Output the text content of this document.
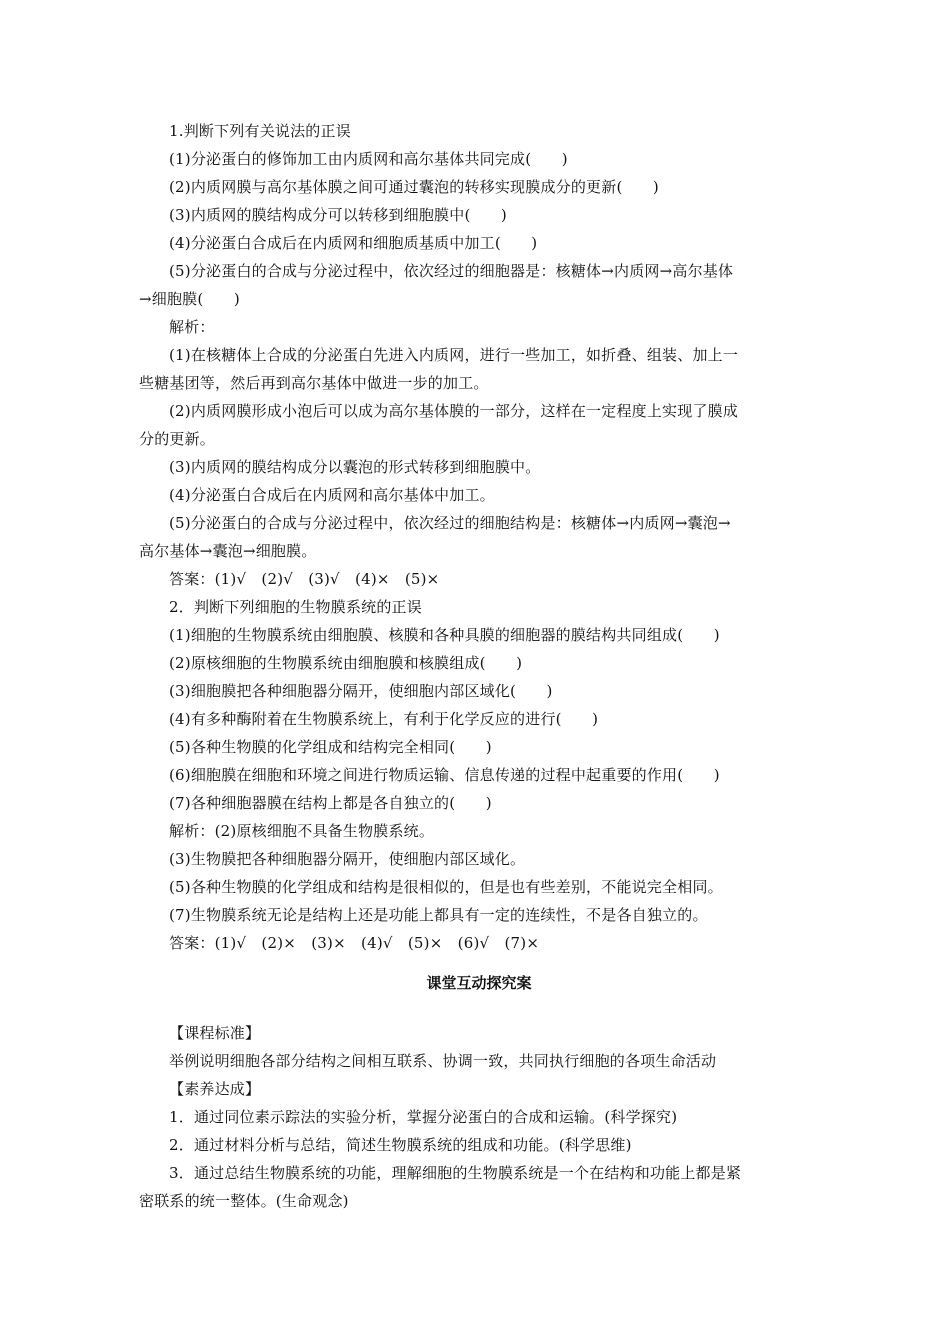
1.判断下列有关说法的正误
(1)分泌蛋白的修饰加工由内质网和高尔基体共同完成(　　)
(2)内质网膜与高尔基体膜之间可通过囊泡的转移实现膜成分的更新(　　)
(3)内质网的膜结构成分可以转移到细胞膜中(　　)
(4)分泌蛋白合成后在内质网和细胞质基质中加工(　　)
(5)分泌蛋白的合成与分泌过程中，依次经过的细胞器是：核糖体→内质网→高尔基体
→细胞膜(　　)
解析：
(1)在核糖体上合成的分泌蛋白先进入内质网，进行一些加工，如折叠、组装、加上一
些糖基团等，然后再到高尔基体中做进一步的加工。
(2)内质网膜形成小泡后可以成为高尔基体膜的一部分，这样在一定程度上实现了膜成
分的更新。
(3)内质网的膜结构成分以囊泡的形式转移到细胞膜中。
(4)分泌蛋白合成后在内质网和高尔基体中加工。
(5)分泌蛋白的合成与分泌过程中，依次经过的细胞结构是：核糖体→内质网→囊泡→
高尔基体→囊泡→细胞膜。
答案：(1)√　(2)√　(3)√　(4)×　(5)×
2．判断下列细胞的生物膜系统的正误
(1)细胞的生物膜系统由细胞膜、核膜和各种具膜的细胞器的膜结构共同组成(　　)
(2)原核细胞的生物膜系统由细胞膜和核膜组成(　　)
(3)细胞膜把各种细胞器分隔开，使细胞内部区域化(　　)
(4)有多种酶附着在生物膜系统上，有利于化学反应的进行(　　)
(5)各种生物膜的化学组成和结构完全相同(　　)
(6)细胞膜在细胞和环境之间进行物质运输、信息传递的过程中起重要的作用(　　)
(7)各种细胞器膜在结构上都是各自独立的(　　)
解析：(2)原核细胞不具备生物膜系统。
(3)生物膜把各种细胞器分隔开，使细胞内部区域化。
(5)各种生物膜的化学组成和结构是很相似的，但是也有些差别，不能说完全相同。
(7)生物膜系统无论是结构上还是功能上都具有一定的连续性，不是各自独立的。
答案：(1)√　(2)×　(3)×　(4)√　(5)×　(6)√　(7)×
课堂互动探究案
【课程标准】
举例说明细胞各部分结构之间相互联系、协调一致，共同执行细胞的各项生命活动
【素养达成】
1．通过同位素示踪法的实验分析，掌握分泌蛋白的合成和运输。(科学探究)
2．通过材料分析与总结，简述生物膜系统的组成和功能。(科学思维)
3．通过总结生物膜系统的功能，理解细胞的生物膜系统是一个在结构和功能上都是紧
密联系的统一整体。(生命观念)
